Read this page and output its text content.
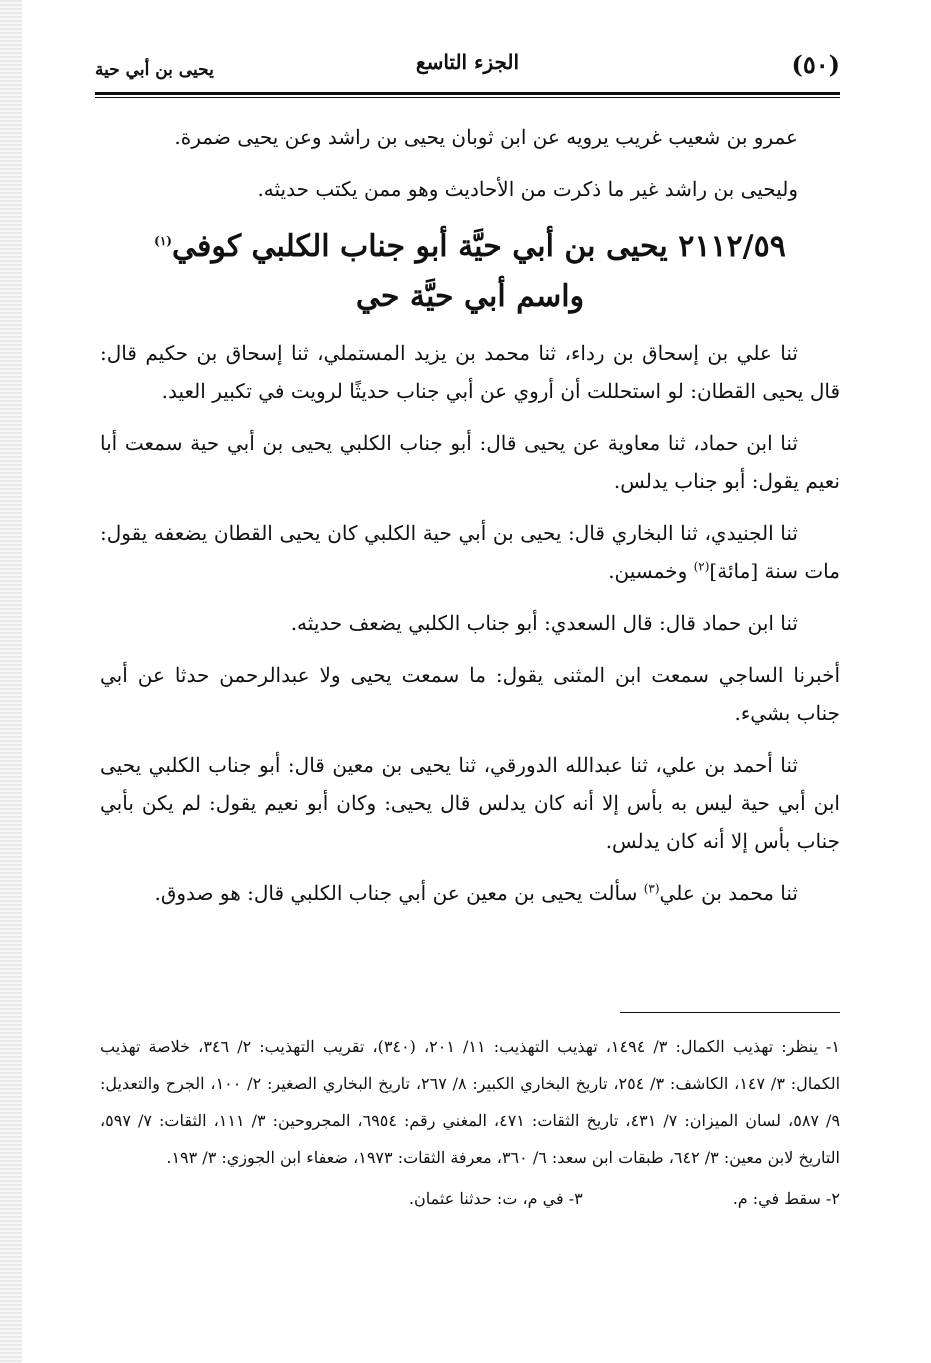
(٥٠)
الجزء التاسع
يحيى بن أبي حية

عمرو بن شعيب غريب يرويه عن ابن ثوبان يحيى بن راشد وعن يحيى ضمرة.

وليحيى بن راشد غير ما ذكرت من الأحاديث وهو ممن يكتب حديثه.

٢١١٢/٥٩ يحيى بن أبي حيَّة أبو جناب الكلبي كوفي$^{(١)}$
واسم أبي حيَّة حي

ثنا علي بن إسحاق بن رداء، ثنا محمد بن يزيد المستملي، ثنا إسحاق بن حكيم قال: قال يحيى القطان: لو استحللت أن أروي عن أبي جناب حديثًا لرويت في تكبير العيد.

ثنا ابن حماد، ثنا معاوية عن يحيى قال: أبو جناب الكلبي يحيى بن أبي حية سمعت أبا نعيم يقول: أبو جناب يدلس.

ثنا الجنيدي، ثنا البخاري قال: يحيى بن أبي حية الكلبي كان يحيى القطان يضعفه يقول: مات سنة [مائة]$^{(٢)}$ وخمسين.

ثنا ابن حماد قال: قال السعدي: أبو جناب الكلبي يضعف حديثه.

أخبرنا الساجي سمعت ابن المثنى يقول: ما سمعت يحيى ولا عبدالرحمن حدثا عن أبي جناب بشيء.

ثنا أحمد بن علي، ثنا عبدالله الدورقي، ثنا يحيى بن معين قال: أبو جناب الكلبي يحيى ابن أبي حية ليس به بأس إلا أنه كان يدلس قال يحيى: وكان أبو نعيم يقول: لم يكن بأبي جناب بأس إلا أنه كان يدلس.

ثنا محمد بن علي$^{(٣)}$ سألت يحيى بن معين عن أبي جناب الكلبي قال: هو صدوق.

١- ينظر: تهذيب الكمال: ٣/ ١٤٩٤، تهذيب التهذيب: ١١/ ٢٠١، (٣٤٠)، تقريب التهذيب: ٢/ ٣٤٦، خلاصة تهذيب الكمال: ٣/ ١٤٧، الكاشف: ٣/ ٢٥٤، تاريخ البخاري الكبير: ٨/ ٢٦٧، تاريخ البخاري الصغير: ٢/ ١٠٠، الجرح والتعديل: ٩/ ٥٨٧، لسان الميزان: ٧/ ٤٣١، تاريخ الثقات: ٤٧١، المغني رقم: ٦٩٥٤، المجروحين: ٣/ ١١١، الثقات: ٧/ ٥٩٧، التاريخ لابن معين: ٣/ ٦٤٢، طبقات ابن سعد: ٦/ ٣٦٠، معرفة الثقات: ١٩٧٣، ضعفاء ابن الجوزي: ٣/ ١٩٣.

٢- سقط في: م.
٣- في م، ت: حدثنا عثمان.
